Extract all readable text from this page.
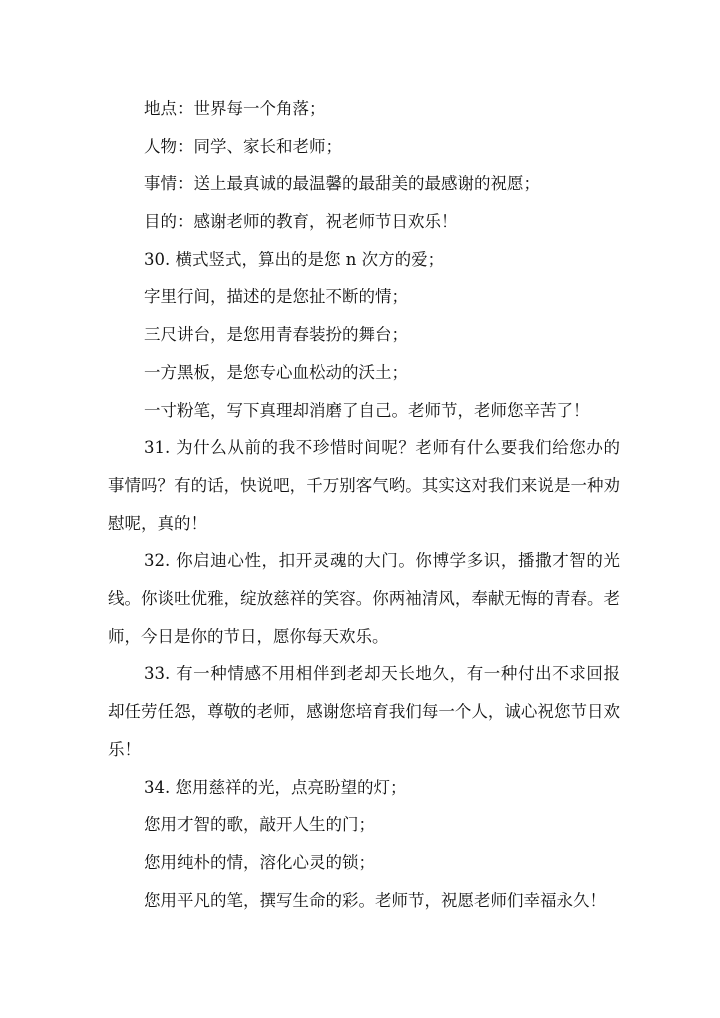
地点：世界每一个角落；
人物：同学、家长和老师；
事情：送上最真诚的最温馨的最甜美的最感谢的祝愿；
目的：感谢老师的教育，祝老师节日欢乐！
30. 横式竖式，算出的是您 n 次方的爱；
字里行间，描述的是您扯不断的情；
三尺讲台，是您用青春装扮的舞台；
一方黑板，是您专心血松动的沃土；
一寸粉笔，写下真理却消磨了自己。老师节，老师您辛苦了！
31. 为什么从前的我不珍惜时间呢？老师有什么要我们给您办的事情吗？有的话，快说吧，千万别客气哟。其实这对我们来说是一种劝慰呢，真的！
32. 你启迪心性，扣开灵魂的大门。你博学多识，播撒才智的光线。你谈吐优雅，绽放慈祥的笑容。你两袖清风，奉献无悔的青春。老师，今日是你的节日，愿你每天欢乐。
33. 有一种情感不用相伴到老却天长地久，有一种付出不求回报却任劳任怨，尊敬的老师，感谢您培育我们每一个人，诚心祝您节日欢乐！
34. 您用慈祥的光，点亮盼望的灯；
您用才智的歌，敲开人生的门；
您用纯朴的情，溶化心灵的锁；
您用平凡的笔，撰写生命的彩。老师节，祝愿老师们幸福永久！
